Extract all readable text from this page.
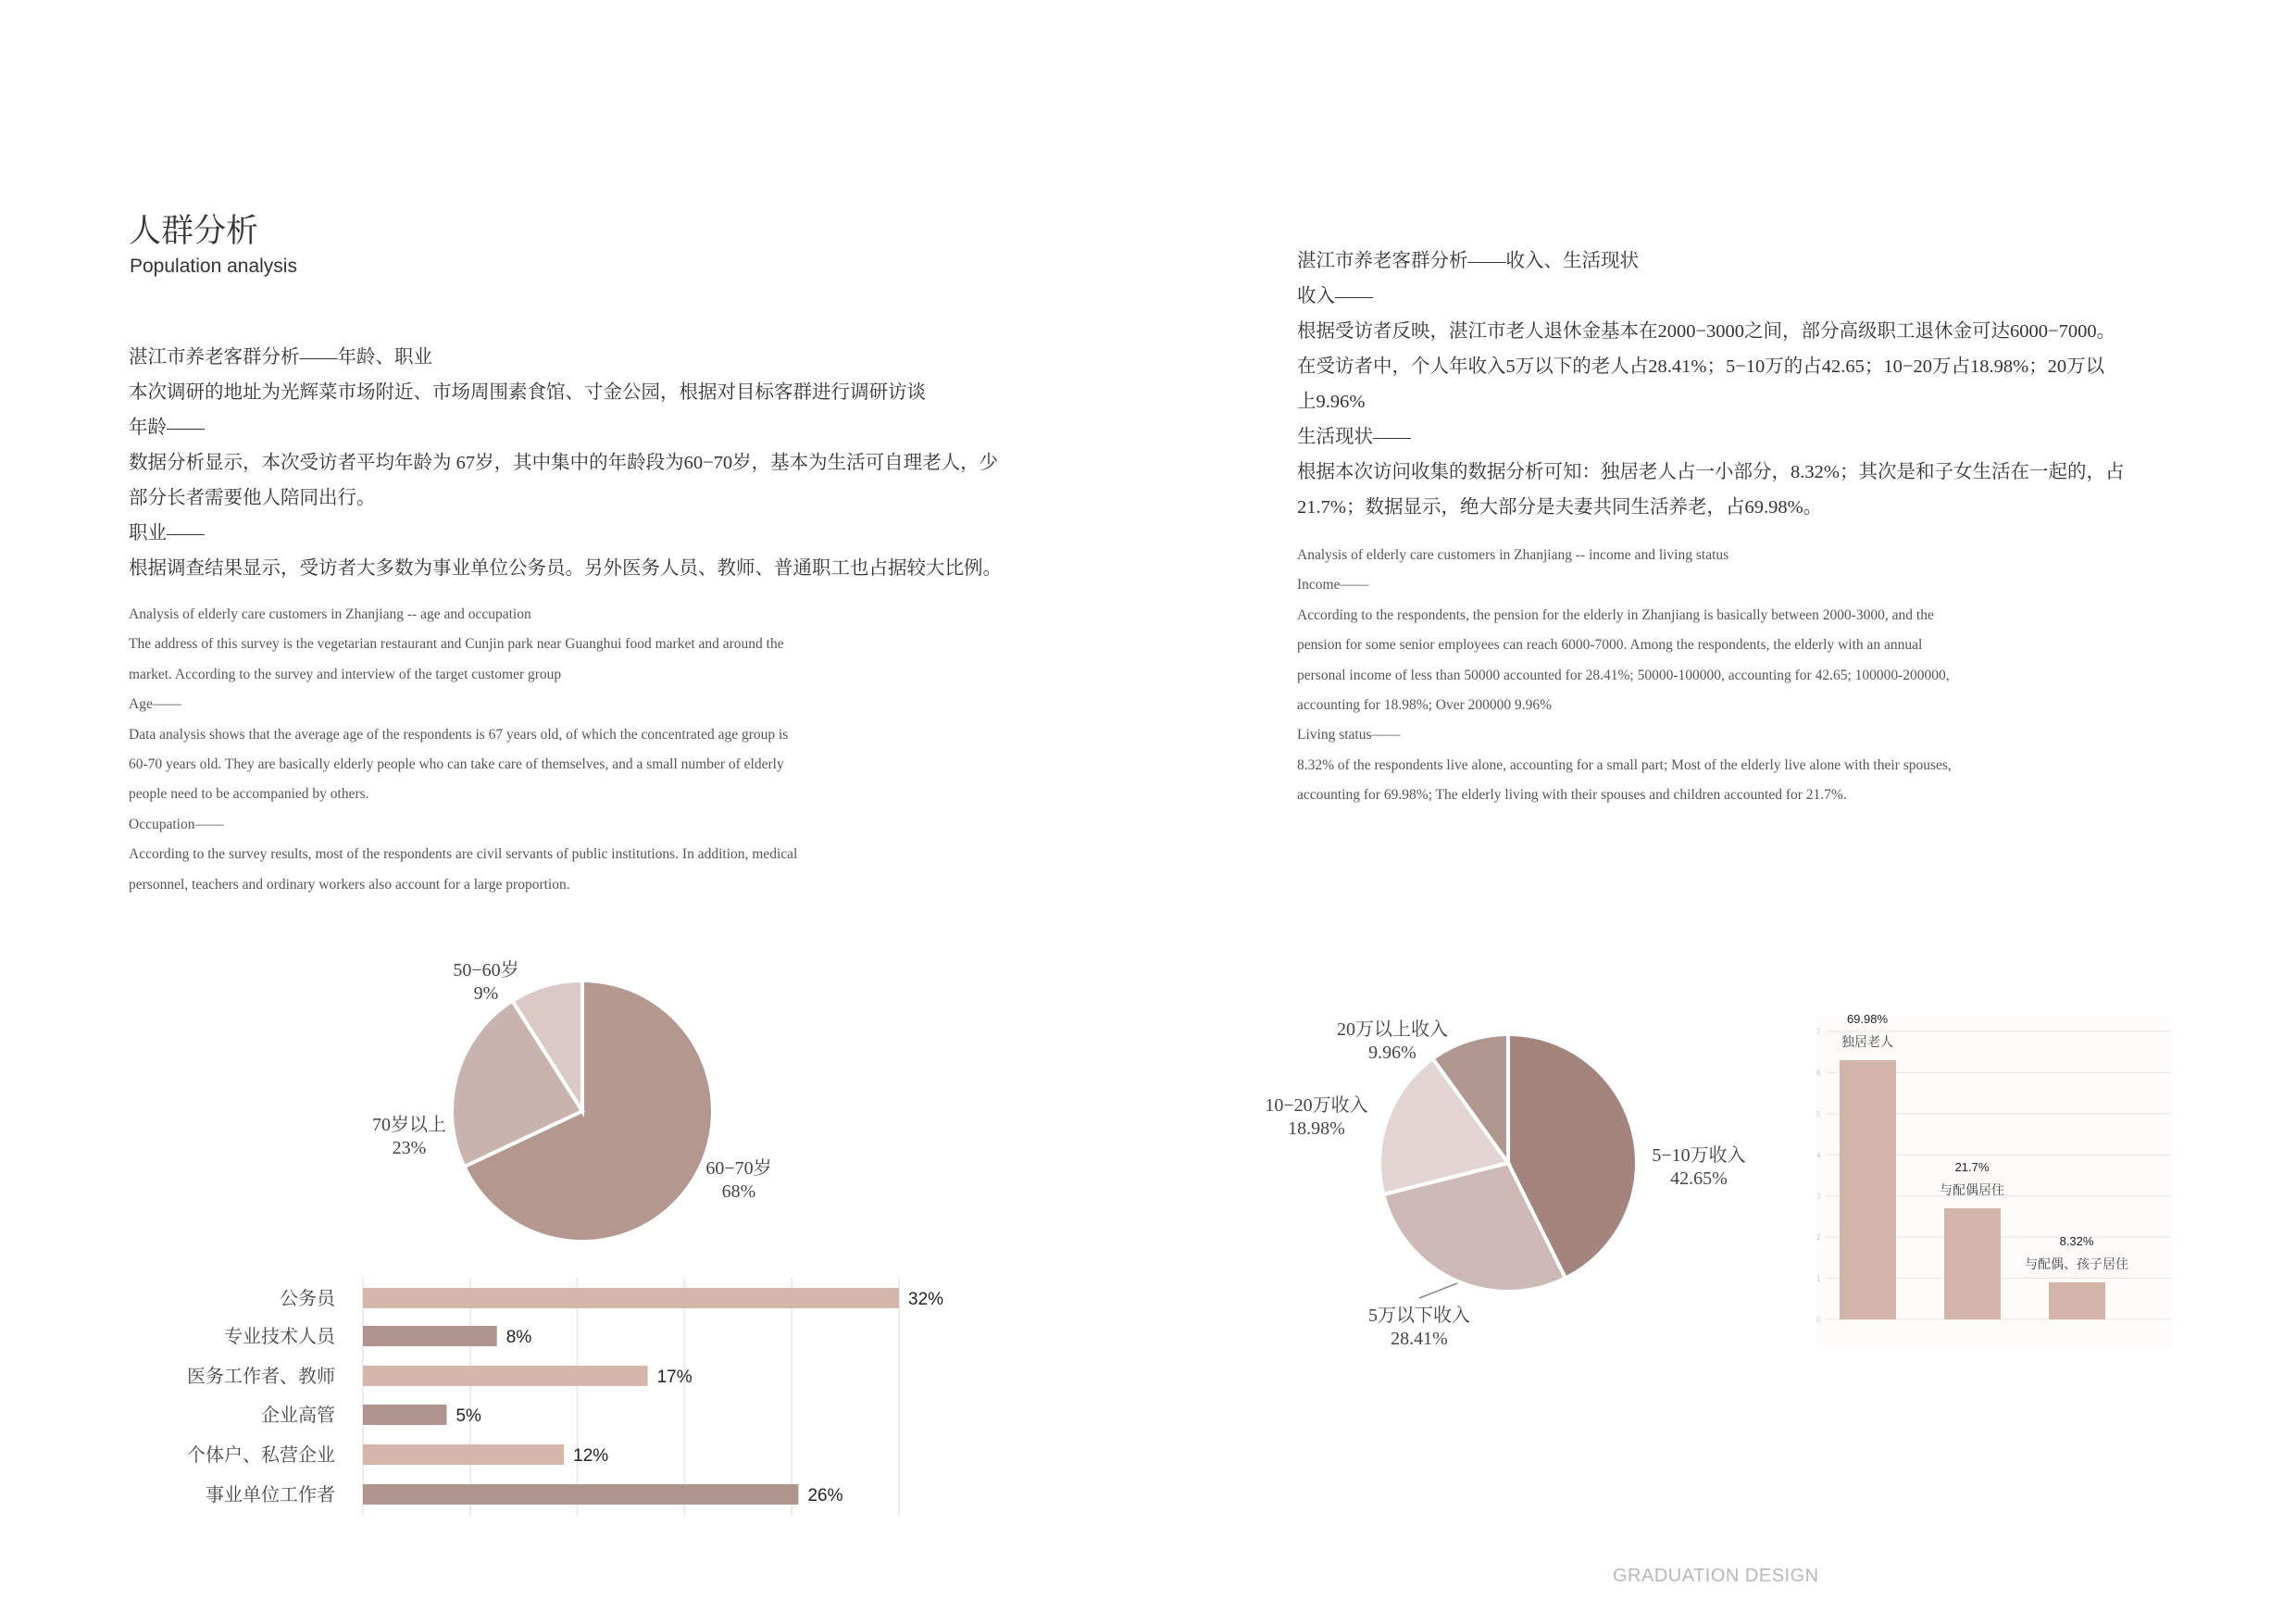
人群分析
Population analysis
湛江市养老客群分析——年龄、职业
本次调研的地址为光辉菜市场附近、市场周围素食馆、寸金公园，根据对目标客群进行调研访谈
年龄——
数据分析显示，本次受访者平均年龄为 67岁，其中集中的年龄段为60−70岁，基本为生活可自理老人，少
部分长者需要他人陪同出行。
职业——
根据调查结果显示，受访者大多数为事业单位公务员。另外医务人员、教师、普通职工也占据较大比例。
Analysis of elderly care customers in Zhanjiang -- age and occupation
The address of this survey is the vegetarian restaurant and Cunjin park near Guanghui food market and around the
market. According to the survey and interview of the target customer group
Age——
Data analysis shows that the average age of the respondents is 67 years old, of which the concentrated age group is
60-70 years old. They are basically elderly people who can take care of themselves, and a small number of elderly
people need to be accompanied by others.
Occupation——
According to the survey results, most of the respondents are civil servants of public institutions. In addition, medical
personnel, teachers and ordinary workers also account for a large proportion.
湛江市养老客群分析——收入、生活现状
收入——
根据受访者反映，湛江市老人退休金基本在2000−3000之间，部分高级职工退休金可达6000−7000。
在受访者中，个人年收入5万以下的老人占28.41%；5−10万的占42.65；10−20万占18.98%；20万以
上9.96%
生活现状——
根据本次访问收集的数据分析可知：独居老人占一小部分，8.32%；其次是和子女生活在一起的，占
21.7%；数据显示，绝大部分是夫妻共同生活养老，占69.98%。
Analysis of elderly care customers in Zhanjiang -- income and living status
Income——
According to the respondents, the pension for the elderly in Zhanjiang is basically between 2000-3000, and the
pension for some senior employees can reach 6000-7000. Among the respondents, the elderly with an annual
personal income of less than 50000 accounted for 28.41%; 50000-100000, accounting for 42.65; 100000-200000,
accounting for 18.98%; Over 200000 9.96%
Living status——
8.32% of the respondents live alone, accounting for a small part; Most of the elderly live alone with their spouses,
accounting for 69.98%; The elderly living with their spouses and children accounted for 21.7%.
公务员	32%
专业技术人员	8%
医务工作者、教师	17%
企业高管	5%
个体户、私营企业	12%
事业单位工作者	26%
0
1
2
3
4
5
6
7
69.98%
独居老人
21.7%
与配偶居住
8.32%
与配偶、孩子居住
50−60岁
9%
70岁以上
23%
60−70岁
68%
20万以上收入
9.96%
10−20万收入
18.98%
5−10万收入
42.65%
5万以下收入
28.41%
GRADUATION DESIGN
